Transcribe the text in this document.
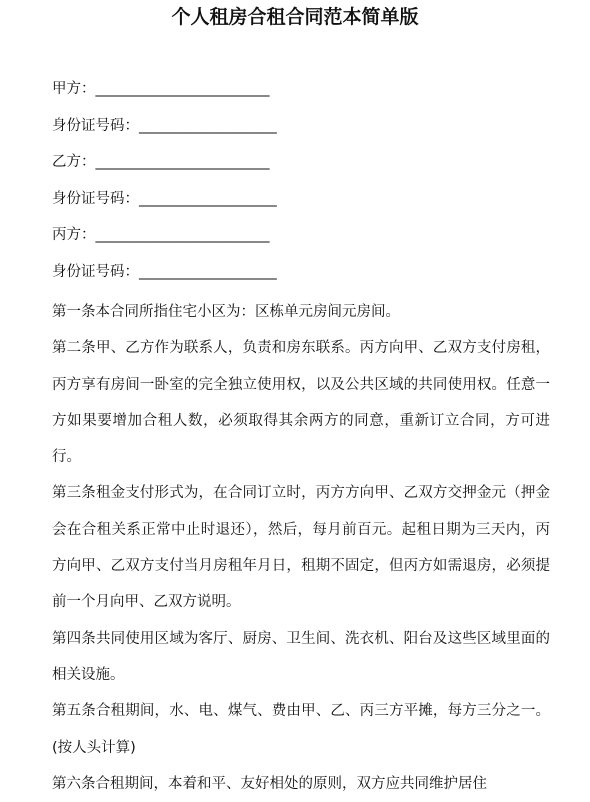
个人租房合租合同范本简单版
甲方：________________________
身份证号码：___________________
乙方：________________________
身份证号码：___________________
丙方：________________________
身份证号码：___________________

第一条本合同所指住宅小区为：区栋单元房间元房间。

第二条甲、乙方作为联系人，负责和房东联系。丙方向甲、乙双方支付房租，丙方享有房间一卧室的完全独立使用权，以及公共区域的共同使用权。任意一方如果要增加合租人数，必须取得其余两方的同意，重新订立合同，方可进行。

第三条租金支付形式为，在合同订立时，丙方方向甲、乙双方交押金元（押金会在合租关系正常中止时退还），然后，每月前百元。起租日期为三天内，丙方向甲、乙双方支付当月房租年月日，租期不固定，但丙方如需退房，必须提前一个月向甲、乙双方说明。

第四条共同使用区域为客厅、厨房、卫生间、洗衣机、阳台及这些区域里面的相关设施。

第五条合租期间，水、电、煤气、费由甲、乙、丙三方平摊，每方三分之一。(按人头计算)

第六条合租期间，本着和平、友好相处的原则，双方应共同维护居住
